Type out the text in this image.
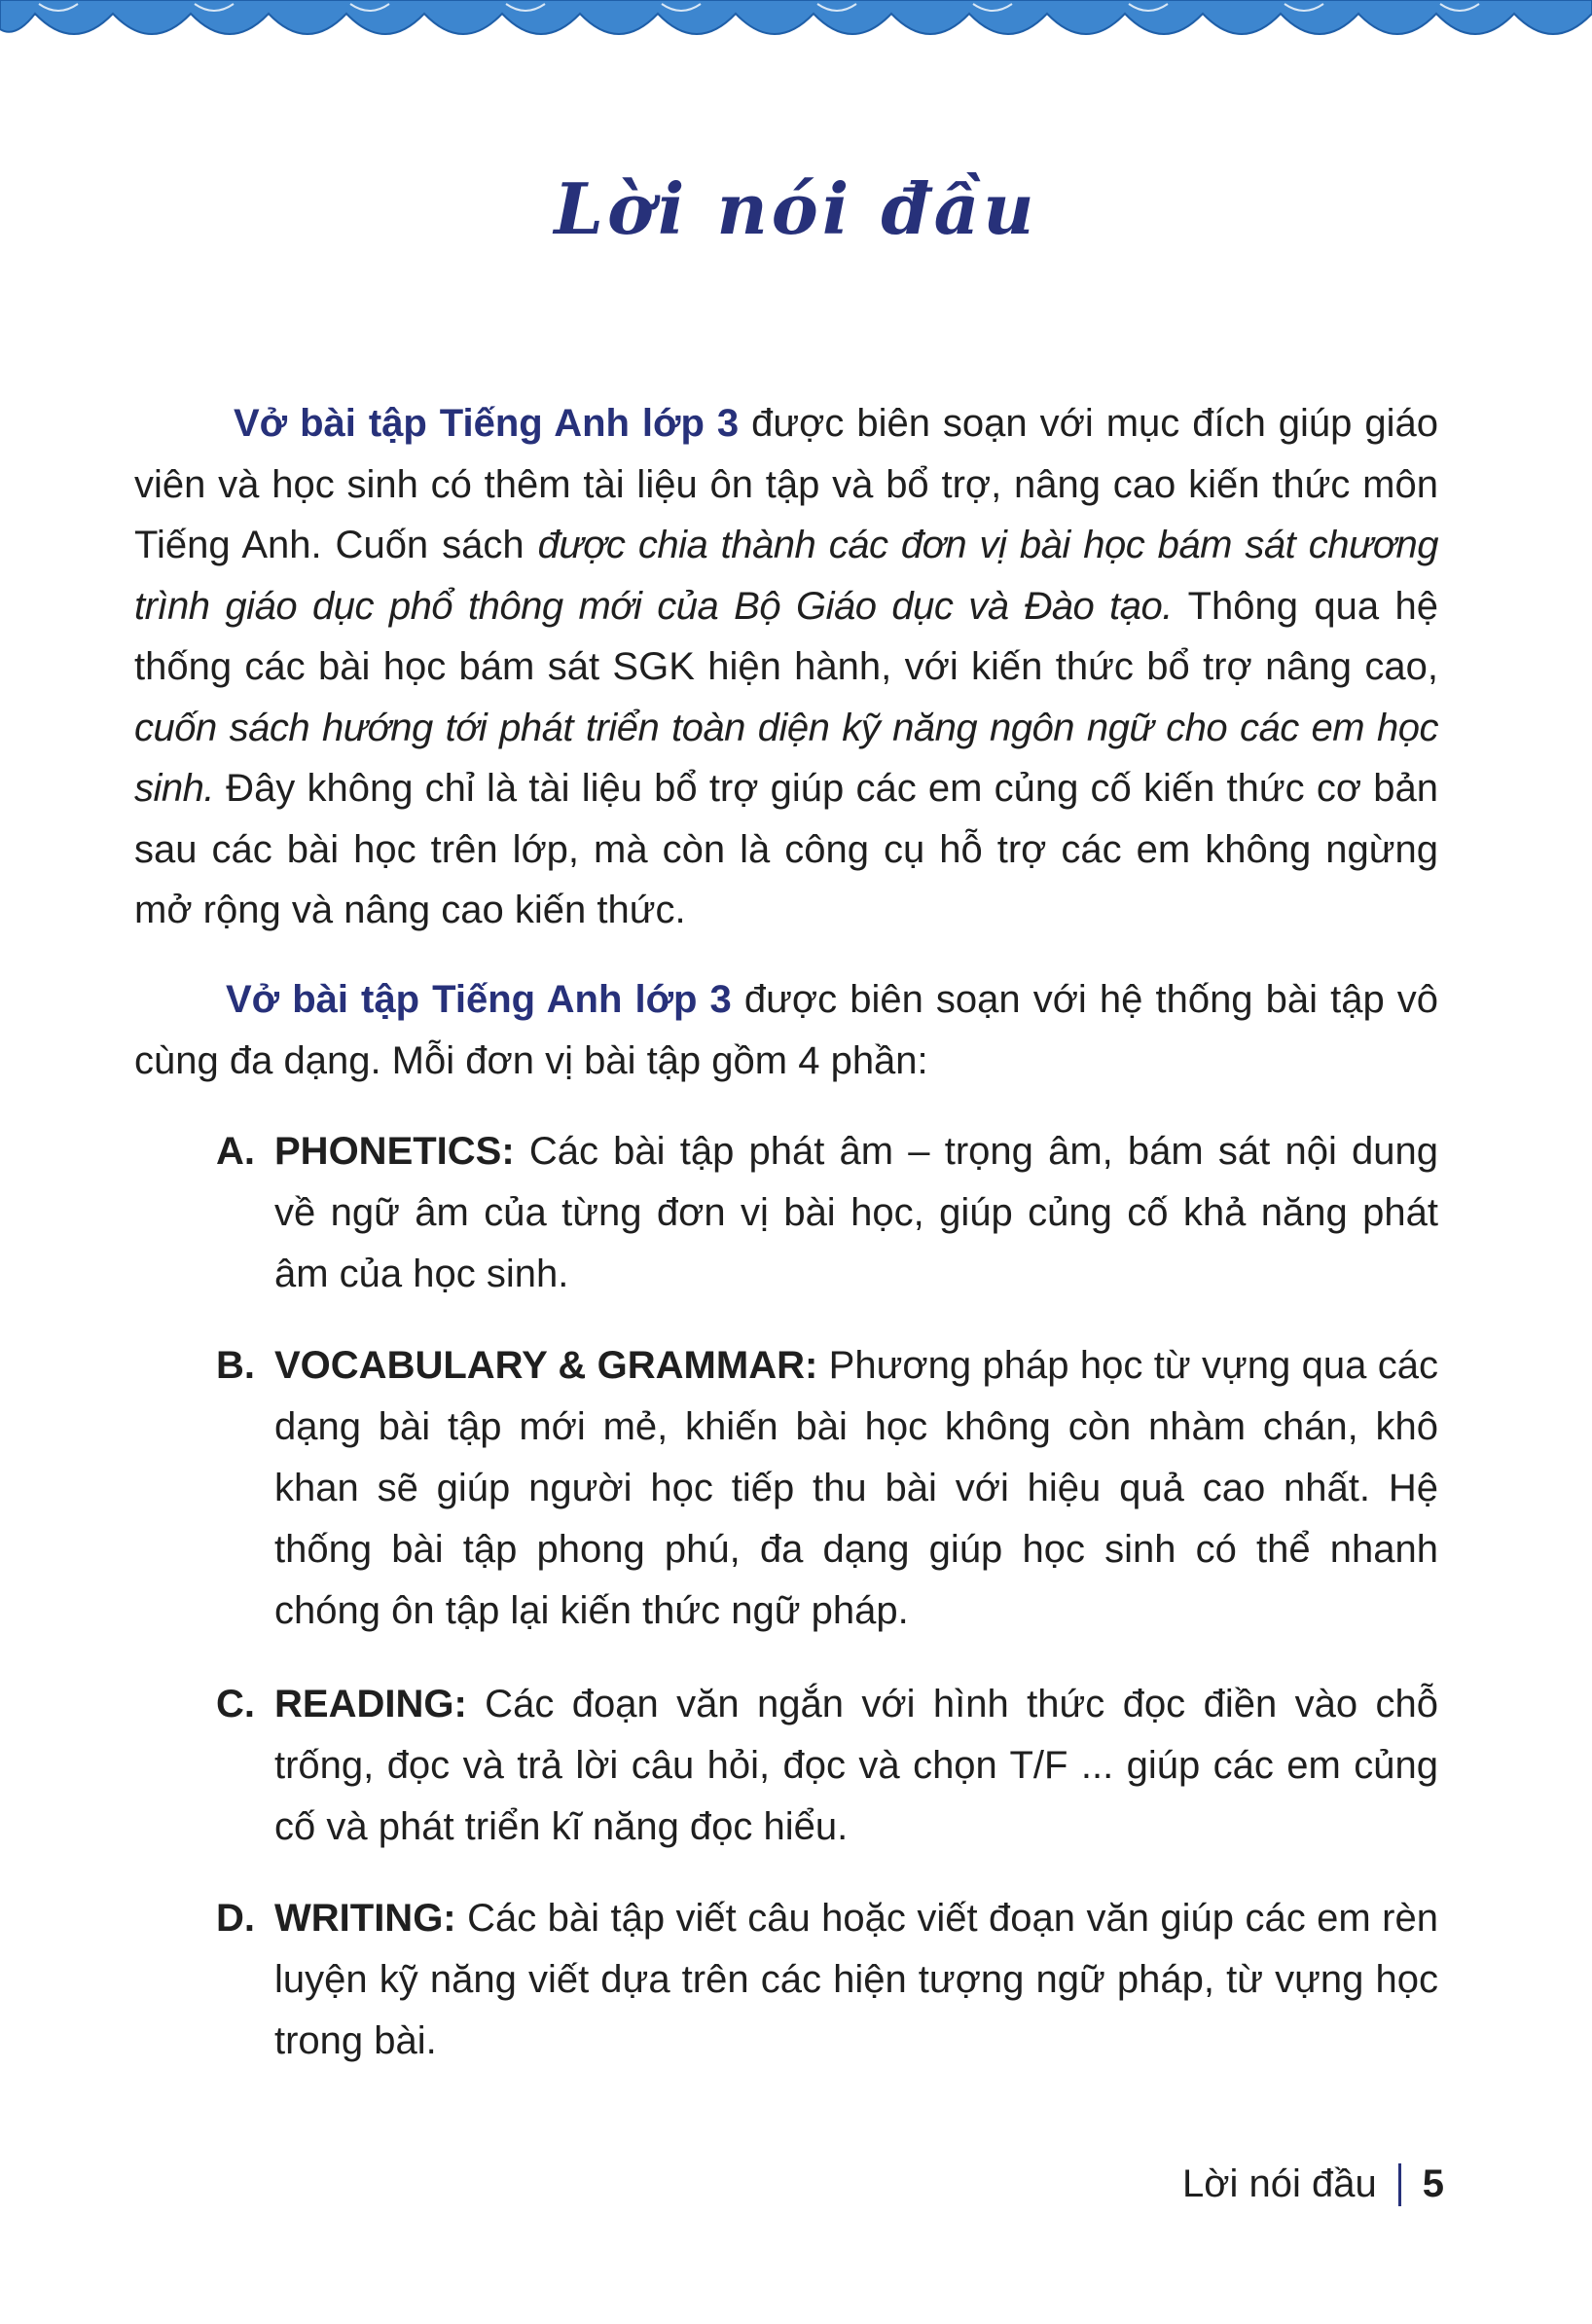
Lời nói đầu
Vở bài tập Tiếng Anh lớp 3 được biên soạn với mục đích giúp giáo viên và học sinh có thêm tài liệu ôn tập và bổ trợ, nâng cao kiến thức môn Tiếng Anh. Cuốn sách được chia thành các đơn vị bài học bám sát chương trình giáo dục phổ thông mới của Bộ Giáo dục và Đào tạo. Thông qua hệ thống các bài học bám sát SGK hiện hành, với kiến thức bổ trợ nâng cao, cuốn sách hướng tới phát triển toàn diện kỹ năng ngôn ngữ cho các em học sinh. Đây không chỉ là tài liệu bổ trợ giúp các em củng cố kiến thức cơ bản sau các bài học trên lớp, mà còn là công cụ hỗ trợ các em không ngừng mở rộng và nâng cao kiến thức.
Vở bài tập Tiếng Anh lớp 3 được biên soạn với hệ thống bài tập vô cùng đa dạng. Mỗi đơn vị bài tập gồm 4 phần:
A. PHONETICS: Các bài tập phát âm – trọng âm, bám sát nội dung về ngữ âm của từng đơn vị bài học, giúp củng cố khả năng phát âm của học sinh.
B. VOCABULARY & GRAMMAR: Phương pháp học từ vựng qua các dạng bài tập mới mẻ, khiến bài học không còn nhàm chán, khô khan sẽ giúp người học tiếp thu bài với hiệu quả cao nhất. Hệ thống bài tập phong phú, đa dạng giúp học sinh có thể nhanh chóng ôn tập lại kiến thức ngữ pháp.
C. READING: Các đoạn văn ngắn với hình thức đọc điền vào chỗ trống, đọc và trả lời câu hỏi, đọc và chọn T/F ... giúp các em củng cố và phát triển kĩ năng đọc hiểu.
D. WRITING: Các bài tập viết câu hoặc viết đoạn văn giúp các em rèn luyện kỹ năng viết dựa trên các hiện tượng ngữ pháp, từ vựng học trong bài.
Lời nói đầu 5
